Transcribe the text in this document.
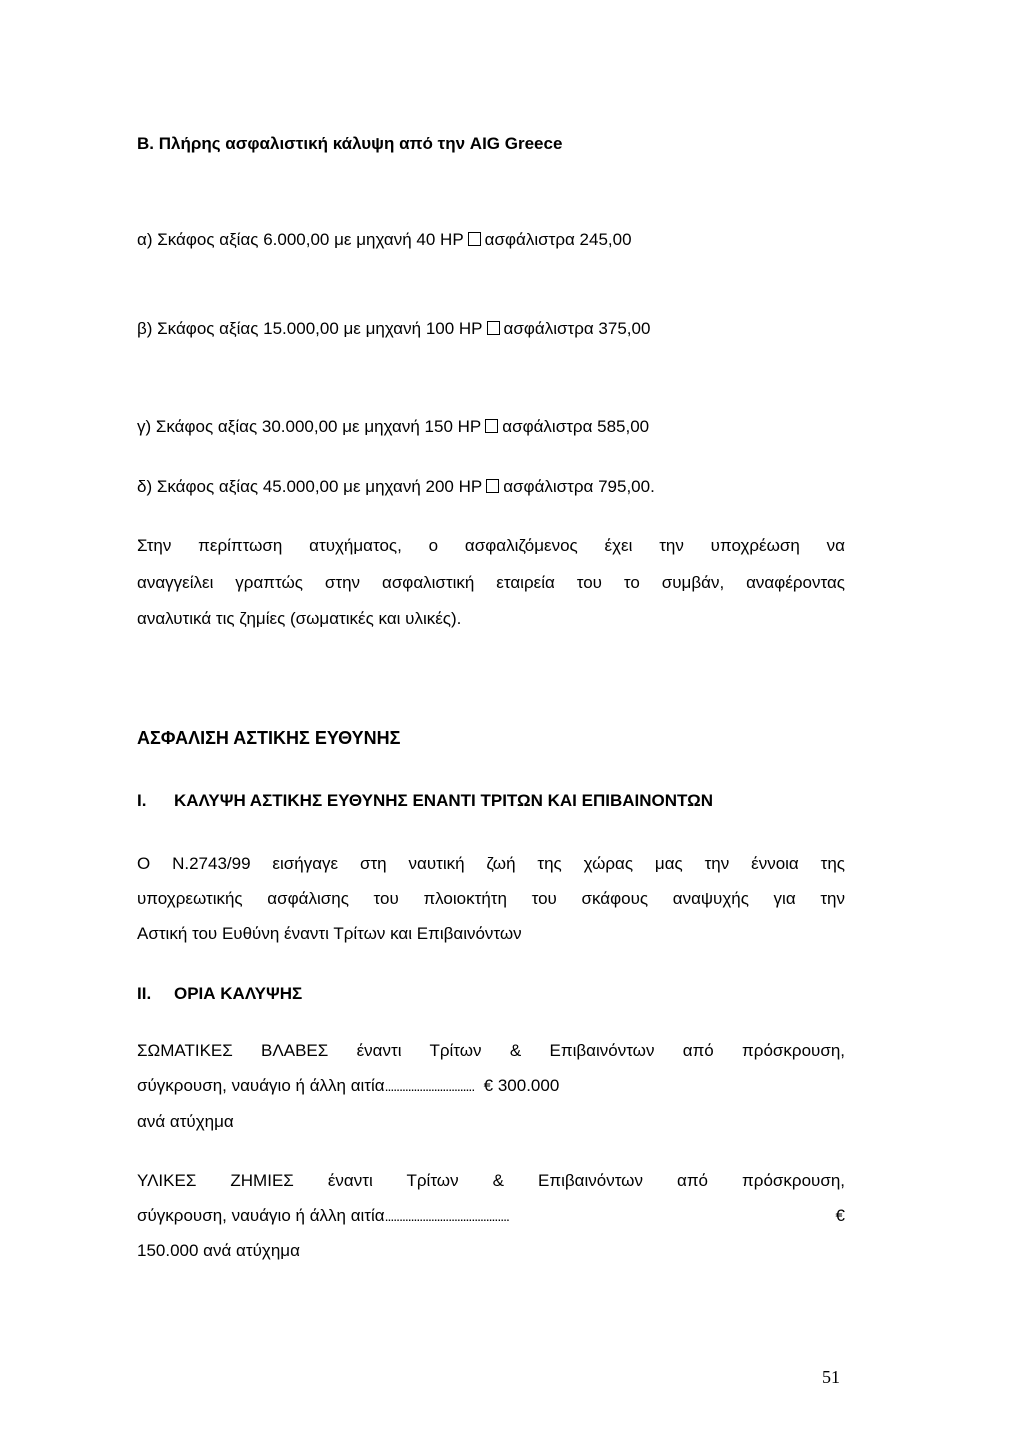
B. Πλήρης ασφαλιστική κάλυψη από την AIG Greece
α) Σκάφος αξίας 6.000,00 με μηχανή 40 HP ασφάλιστρα 245,00
β) Σκάφος αξίας 15.000,00 με μηχανή 100 HP ασφάλιστρα 375,00
γ) Σκάφος αξίας 30.000,00 με μηχανή 150 HP ασφάλιστρα 585,00
δ) Σκάφος αξίας 45.000,00 με μηχανή 200 HP ασφάλιστρα 795,00.
Στην περίπτωση ατυχήματος, ο ασφαλιζόμενος έχει την υποχρέωση να
αναγγείλει γραπτώς στην ασφαλιστική εταιρεία του το συμβάν, αναφέροντας
αναλυτικά τις ζημίες (σωματικές και υλικές).
ΑΣΦΑΛΙΣΗ ΑΣΤΙΚΗΣ ΕΥΘΥΝΗΣ
I. ΚΑΛΥΨΗ ΑΣΤΙΚΗΣ ΕΥΘΥΝΗΣ ΕΝΑΝΤΙ ΤΡΙΤΩΝ ΚΑΙ ΕΠΙΒΑΙΝΟΝΤΩΝ
Ο Ν.2743/99 εισήγαγε στη ναυτική ζωή της χώρας μας την έννοια της
υποχρεωτικής ασφάλισης του πλοιοκτήτη του σκάφους αναψυχής για την
Αστική του Ευθύνη έναντι Τρίτων και Επιβαινόντων
II. ΟΡΙΑ ΚΑΛΥΨΗΣ
ΣΩΜΑΤΙΚΕΣ ΒΛΑΒΕΣ έναντι Τρίτων & Επιβαινόντων από πρόσκρουση,
σύγκρουση, ναυάγιο ή άλλη αιτία............................... € 300.000
ανά ατύχημα
ΥΛΙΚΕΣ ΖΗΜΙΕΣ έναντι Τρίτων & Επιβαινόντων από πρόσκρουση,
σύγκρουση, ναυάγιο ή άλλη αιτία...........................................	€
150.000 ανά ατύχημα
51
